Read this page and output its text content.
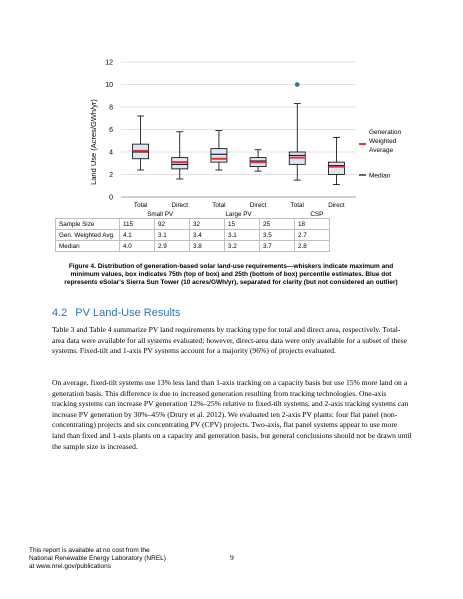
0
2
4
6
8
10
12
Land Use (Acres/GWh/yr)
Total	Direct	Total	Direct	Total	Direct
Small PV	Large PV	CSP
Generation
Weighted
Average
Median
Sample Size	115	92	32	15	25	18
Gen. Weighted Avg.	4.1	3.1	3.4	3.1	3.5	2.7
Median	4.0	2.9	3.8	3.2	3.7	2.8
Figure 4. Distribution of generation-based solar land-use requirements—whiskers indicate maximum and minimum values, box indicates 75th (top of box) and 25th (bottom of box) percentile estimates. Blue dot represents eSolar's Sierra Sun Tower (10 acres/GWh/yr), separated for clarity (but not considered an outlier)
4.2 PV Land-Use Results
Table 3 and Table 4 summarize PV land requirements by tracking type for total and direct area, respectively. Total-area data were available for all systems evaluated; however, direct-area data were only available for a subset of these systems. Fixed-tilt and 1-axis PV systems account for a majority (96%) of projects evaluated.
On average, fixed-tilt systems use 13% less land than 1-axis tracking on a capacity basis but use 15% more land on a generation basis. This difference is due to increased generation resulting from tracking technologies. One-axis tracking systems can increase PV generation 12%–25% relative to fixed-tilt systems, and 2-axis tracking systems can increase PV generation by 30%–45% (Drury et al. 2012). We evaluated ten 2-axis PV plants: four flat panel (non-concentrating) projects and six concentrating PV (CPV) projects. Two-axis, flat panel systems appear to use more land than fixed and 1-axis plants on a capacity and generation basis, but general conclusions should not be drawn until the sample size is increased.
This report is available at no cost from the
National Renewable Energy Laboratory (NREL)
at www.nrel.gov/publications
9
